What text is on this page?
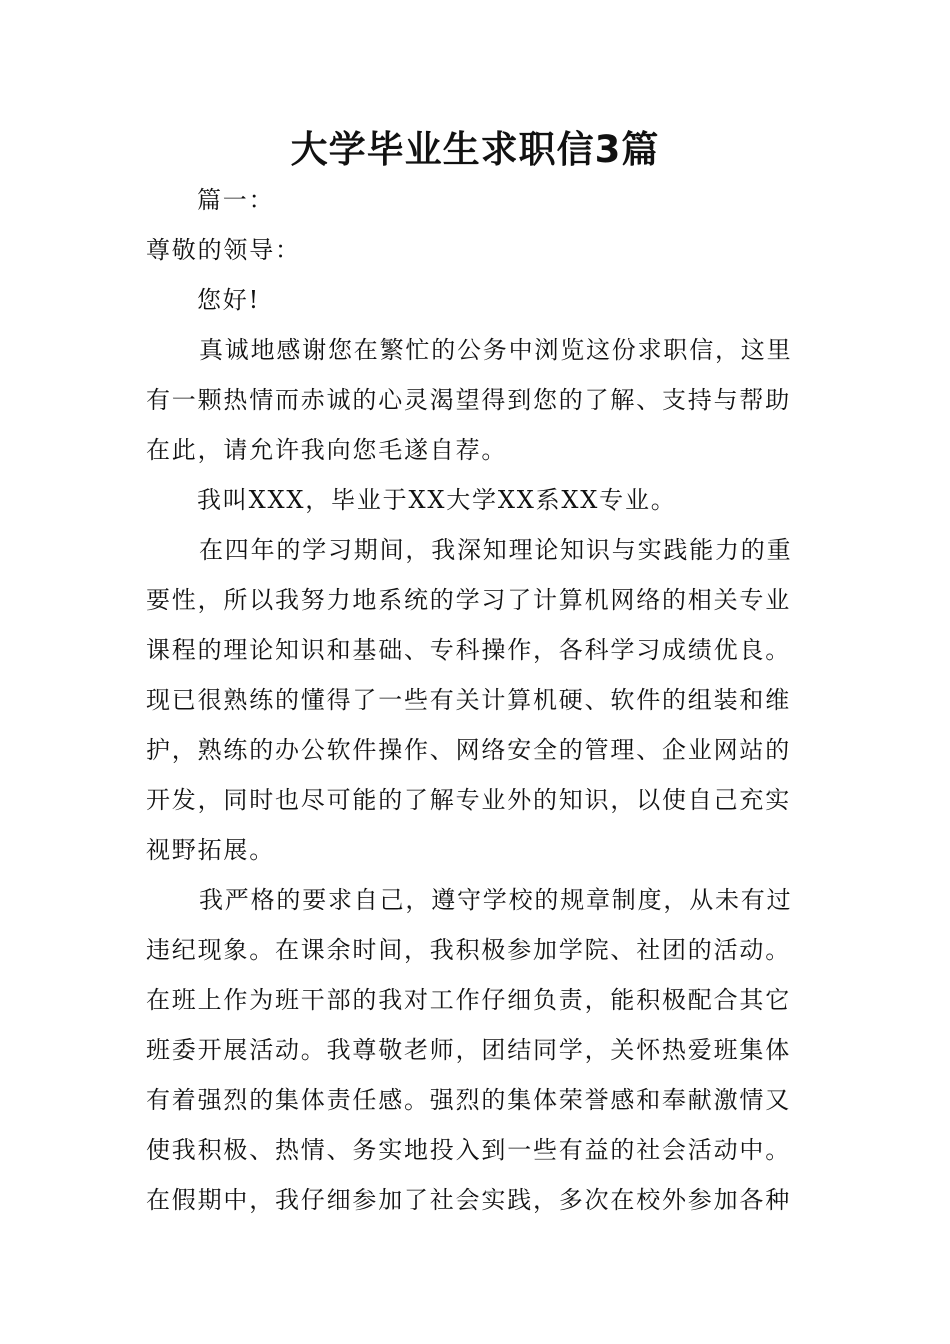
大学毕业生求职信3篇
篇一：
尊敬的领导：
您好!
真诚地感谢您在繁忙的公务中浏览这份求职信，这里
有一颗热情而赤诚的心灵渴望得到您的了解、支持与帮助
在此，请允许我向您毛遂自荐。
我叫XXX，毕业于XX大学XX系XX专业。
在四年的学习期间，我深知理论知识与实践能力的重
要性，所以我努力地系统的学习了计算机网络的相关专业
课程的理论知识和基础、专科操作，各科学习成绩优良。
现已很熟练的懂得了一些有关计算机硬、软件的组装和维
护，熟练的办公软件操作、网络安全的管理、企业网站的
开发，同时也尽可能的了解专业外的知识，以使自己充实
视野拓展。
我严格的要求自己，遵守学校的规章制度，从未有过
违纪现象。在课余时间，我积极参加学院、社团的活动。
在班上作为班干部的我对工作仔细负责，能积极配合其它
班委开展活动。我尊敬老师，团结同学，关怀热爱班集体
有着强烈的集体责任感。强烈的集体荣誉感和奉献激情又
使我积极、热情、务实地投入到一些有益的社会活动中。
在假期中，我仔细参加了社会实践，多次在校外参加各种
